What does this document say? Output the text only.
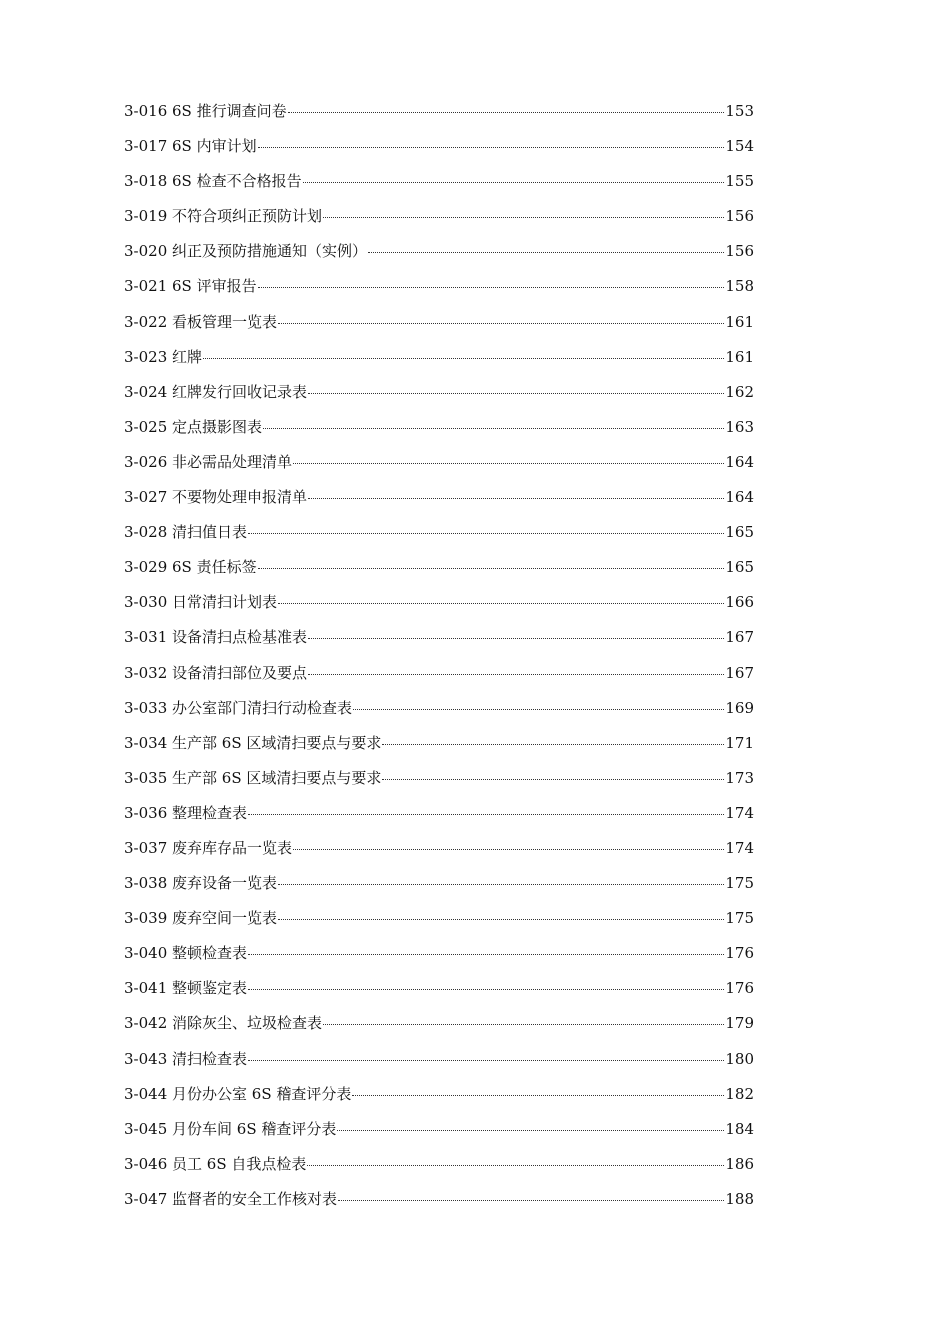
3-016 6S 推行调查问卷	153
3-017 6S 内审计划	154
3-018 6S 检查不合格报告	155
3-019 不符合项纠正预防计划	156
3-020 纠正及预防措施通知（实例）	156
3-021 6S 评审报告	158
3-022 看板管理一览表	161
3-023 红牌	161
3-024 红牌发行回收记录表	162
3-025 定点摄影图表	163
3-026 非必需品处理清单	164
3-027 不要物处理申报清单	164
3-028 清扫值日表	165
3-029 6S 责任标签	165
3-030 日常清扫计划表	166
3-031 设备清扫点检基准表	167
3-032 设备清扫部位及要点	167
3-033 办公室部门清扫行动检查表	169
3-034 生产部 6S 区域清扫要点与要求	171
3-035 生产部 6S 区域清扫要点与要求	173
3-036 整理检查表	174
3-037 废弃库存品一览表	174
3-038 废弃设备一览表	175
3-039 废弃空间一览表	175
3-040 整顿检查表	176
3-041 整顿鉴定表	176
3-042 消除灰尘、垃圾检查表	179
3-043 清扫检查表	180
3-044 月份办公室 6S 稽查评分表	182
3-045 月份车间 6S 稽查评分表	184
3-046 员工 6S 自我点检表	186
3-047 监督者的安全工作核对表	188
